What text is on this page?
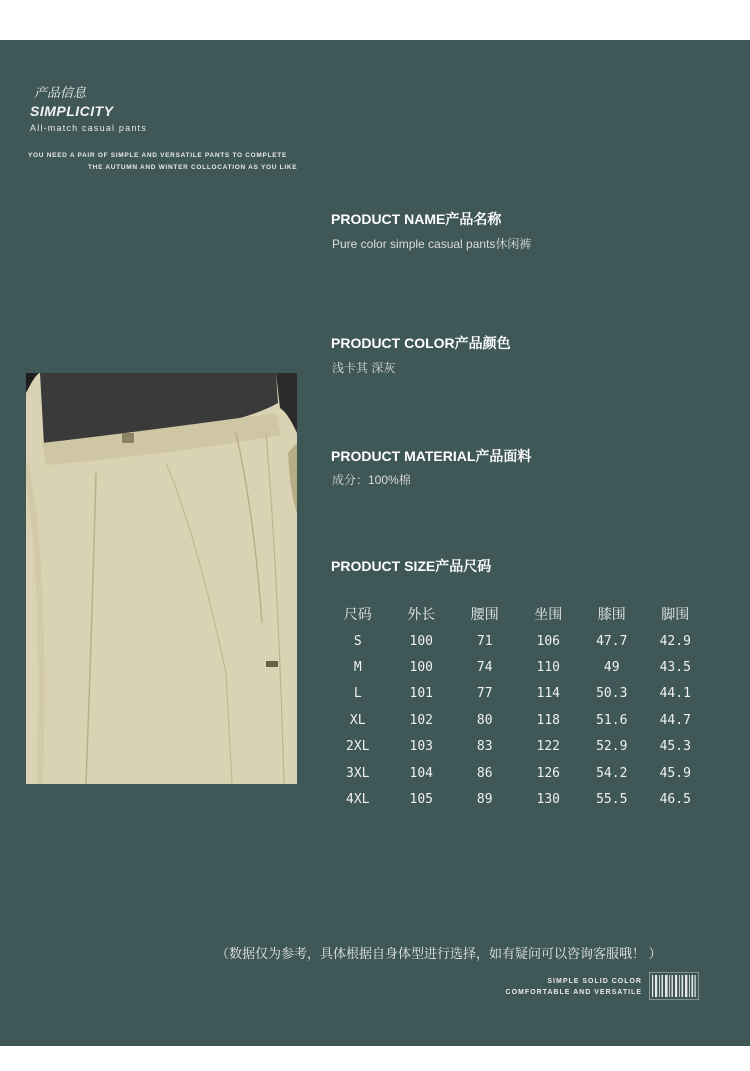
产品信息
SIMPLICITY
All-match casual pants
YOU NEED A PAIR OF SIMPLE AND VERSATILE PANTS TO COMPLETE
THE AUTUMN AND WINTER COLLOCATION AS YOU LIKE
PRODUCT NAME产品名称
Pure color simple casual pants休闲裤
PRODUCT COLOR产品颜色
浅卡其 深灰
PRODUCT MATERIAL产品面料
成分：100%棉
PRODUCT SIZE产品尺码
尺码	外长	腰围	坐围	膝围	脚围
S	100	71	106	47.7	42.9
M	100	74	110	49	43.5
L	101	77	114	50.3	44.1
XL	102	80	118	51.6	44.7
2XL	103	83	122	52.9	45.3
3XL	104	86	126	54.2	45.9
4XL	105	89	130	55.5	46.5
（数据仅为参考，具体根据自身体型进行选择，如有疑问可以咨询客服哦！ ）
SIMPLE SOLID COLOR
COMFORTABLE AND VERSATILE
